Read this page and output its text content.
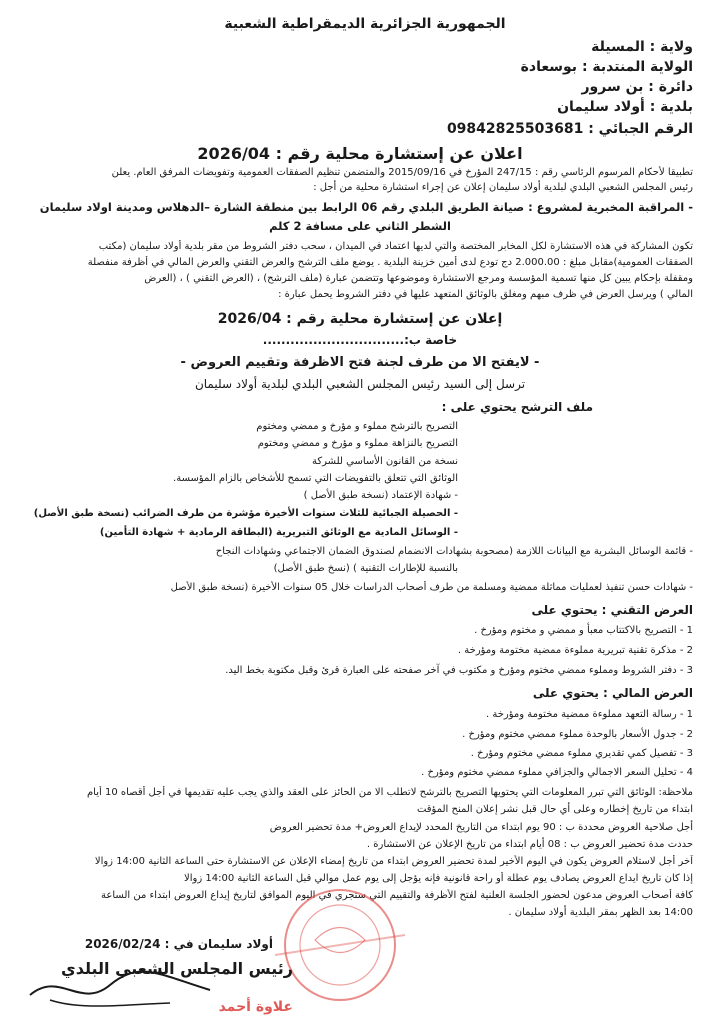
الجمهورية الجزائرية الديمقراطية الشعبية
ولاية : المسيلة
الولاية المنتدبة : بوسعادة
دائرة : بن سرور
بلدية : أولاد سليمان
الرقم الجبائي : 09842825503681
اعلان عن إستشارة محلية رقم : 2026/04
تطبيقا لأحكام المرسوم الرئاسي رقم : 247/15 المؤرخ في 2015/09/16 والمتضمن تنظيم الصفقات العمومية وتفويضات المرفق العام. يعلن
رئيس المجلس الشعبي البلدي لبلدية أولاد سليمان إعلان عن إجراء استشارة محلية من أجل :
- المراقبة المخبرية لمشروع : صيانة الطريق البلدي رقم 06 الرابط بين منطقة الشارة –الدهلاس ومدينة اولاد سليمان
الشطر الثاني على مسافة 2 كلم
تكون المشاركة في هذه الاستشارة لكل المخابر المختصة والتي لديها اعتماد في الميدان ، سحب دفتر الشروط من مقر بلدية أولاد سليمان (مكتب
الصفقات العمومية)مقابل مبلغ : 2.000.00 دج تودع لدى أمين خزينة البلدية . يوضع ملف الترشح والعرض التقني والعرض المالي في أظرفة منفصلة
ومقفلة بإحكام يبين كل منها تسمية المؤسسة ومرجع الاستشارة وموضوعها وتتضمن عبارة (ملف الترشح) ، (العرض التقني ) ، (العرض
المالي ) ويرسل العرض في ظرف مبهم ومغلق بالوثائق المتعهد عليها في دفتر الشروط يحمل عبارة :
إعلان عن إستشارة محلية رقم : 2026/04
خاصة ب:...............................
- لايفتح الا من طرف لجنة فتح الاظرفة وتقييم العروض -
ترسل إلى السيد رئيس المجلس الشعبي البلدي لبلدية أولاد سليمان
ملف الترشح يحتوي على :
التصريح بالترشح مملوء و مؤرخ و ممضي ومختوم
التصريح بالنزاهة مملوء و مؤرخ و ممضي ومختوم
نسخة من القانون الأساسي للشركة
الوثائق التي تتعلق بالتفويضات التي تسمح للأشخاص بالزام المؤسسة.
- شهادة الإعتماد (نسخة طبق الأصل )
- الحصيلة الجبائية للثلاث سنوات الأخيرة مؤشرة من طرف الضرائب (نسخة طبق الأصل)
- الوسائل المادية مع الوثائق التبريرية (البطاقة الرمادية + شهادة التأمين)
- قائمة الوسائل البشرية مع البيانات اللازمة (مصحوبة بشهادات الانضمام لصندوق الضمان الاجتماعي وشهادات النجاح
بالنسبة للإطارات التقنية ) (نسخ طبق الأصل)
- شهادات حسن تنفيذ لعمليات مماثلة ممضية ومسلمة من طرف أصحاب الدراسات خلال 05 سنوات الأخيرة (نسخة طبق الأصل
العرض التقني : يحتوي على
1 - التصريح بالاكتتاب معبأ و ممضي و مختوم ومؤرخ .
2 - مذكرة تقنية تبريرية مملوءة ممضية مختومة ومؤرخة .
3 - دفتر الشروط ومملوء ممضي مختوم ومؤرخ و مكتوب في آخر صفحته على العبارة قرئ وقبل مكتوبة بخط اليد.
العرض المالي : يحتوي على
1 - رسالة التعهد مملوءة ممضية مختومة ومؤرخة .
2 - جدول الأسعار بالوحدة مملوء ممضي مختوم ومؤرخ .
3 - تفصيل كمي تقديري مملوء ممضي مختوم ومؤرخ .
4 - تحليل السعر الاجمالي والجزافي مملوء ممضي مختوم ومؤرخ .
ملاحظة: الوثائق التي تبرر المعلومات التي يحتويها التصريح بالترشح لاتطلب الا من الحائز على العقد والذي يجب عليه تقديمها في أجل أقصاه 10 أيام
ابتداء من تاريخ إخطاره وعلى أي حال قبل نشر إعلان المنح المؤقت
أجل صلاحية العروض محددة ب : 90 يوم ابتداء من التاريخ المحدد لإيداع العروض+ مدة تحضير العروض
حددت مدة تحضير العروض ب : 08 أيام ابتداء من تاريخ الإعلان عن الاستشارة .
آخر أجل لاستلام العروض يكون في اليوم الأخير لمدة تحضير العروض ابتداء من تاريخ إمضاء الإعلان عن الاستشارة حتى الساعة الثانية 14:00 زوالا
إذا كان تاريخ ايداع العروض يصادف يوم عطلة أو راحة قانونية فإنه يؤجل إلى يوم عمل موالي قبل الساعة الثانية 14:00 زوالا
كافة أصحاب العروض مدعون لحضور الجلسة العلنية لفتح الأظرفة والتقييم التي ستجري في اليوم الموافق لتاريخ إيداع العروض ابتداء من الساعة
14:00 بعد الظهر بمقر البلدية أولاد سليمان .
أولاد سليمان في : 2026/02/24
رئيس المجلس الشعبي البلدي
علاوة أحمد
